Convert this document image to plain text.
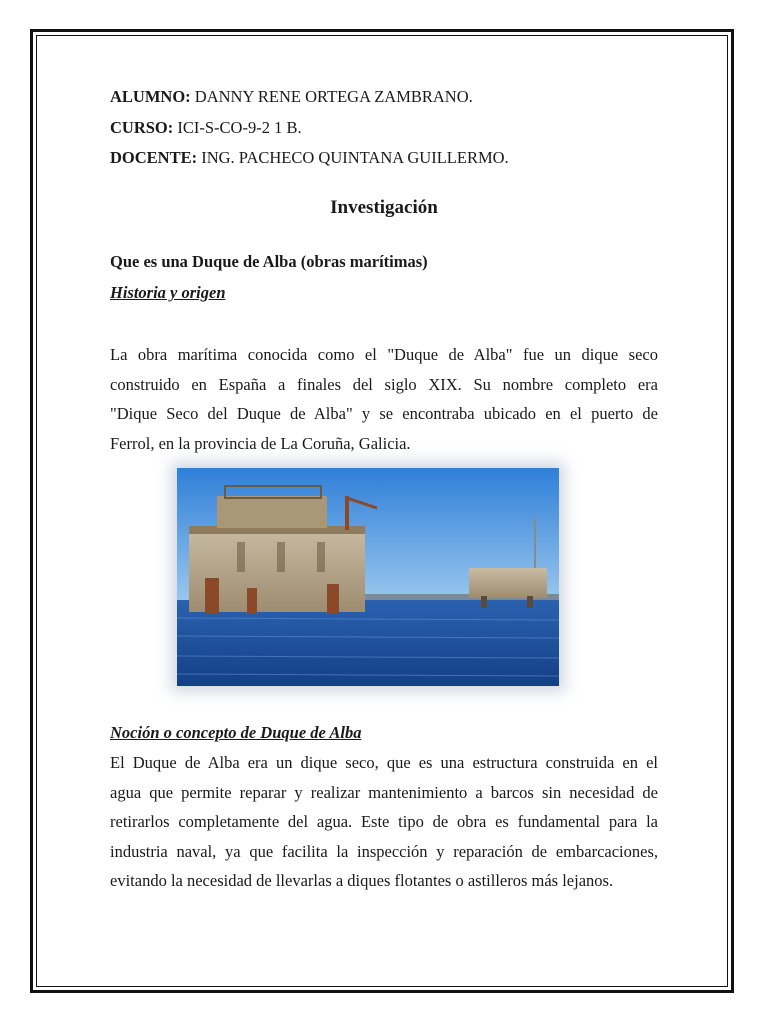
ALUMNO: DANNY RENE ORTEGA ZAMBRANO.
CURSO: ICI-S-CO-9-2 1 B.
DOCENTE: ING. PACHECO QUINTANA GUILLERMO.
Investigación
Que es una Duque de Alba (obras marítimas)
Historia y origen
La obra marítima conocida como el "Duque de Alba" fue un dique seco
construido en España a finales del siglo XIX. Su nombre completo era
"Dique Seco del Duque de Alba" y se encontraba ubicado en el puerto de
Ferrol, en la provincia de La Coruña, Galicia.
Noción o concepto de Duque de Alba
El Duque de Alba era un dique seco, que es una estructura construida en el
agua que permite reparar y realizar mantenimiento a barcos sin necesidad de
retirarlos completamente del agua. Este tipo de obra es fundamental para la
industria naval, ya que facilita la inspección y reparación de embarcaciones,
evitando la necesidad de llevarlas a diques flotantes o astilleros más lejanos.
